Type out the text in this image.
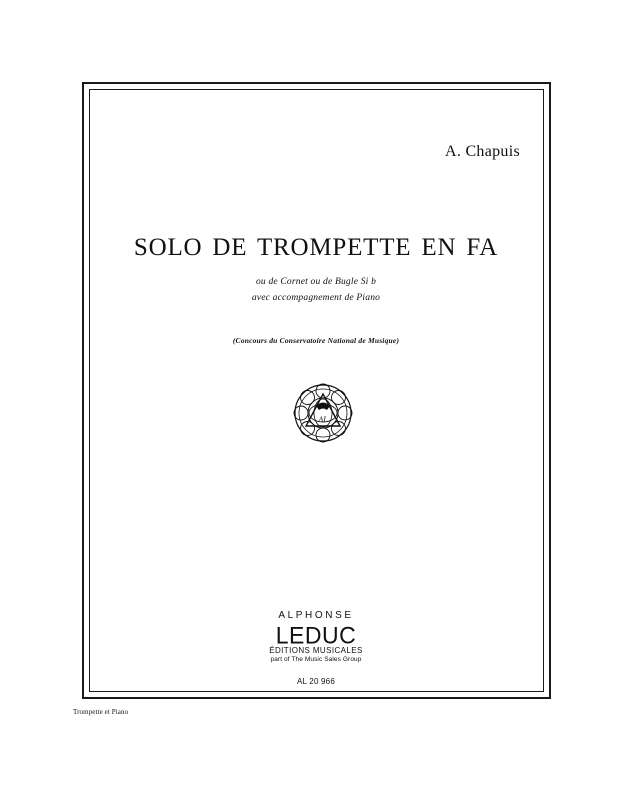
A. Chapuis
SOLO DE TROMPETTE EN FA
ou de Cornet ou de Bugle Si b
avec accompagnement de Piano
(Concours du Conservatoire National de Musique)
AL
ALPHONSE
LEDUC
ÉDITIONS MUSICALES
part of The Music Sales Group
AL 20 966
Trompette et Piano
